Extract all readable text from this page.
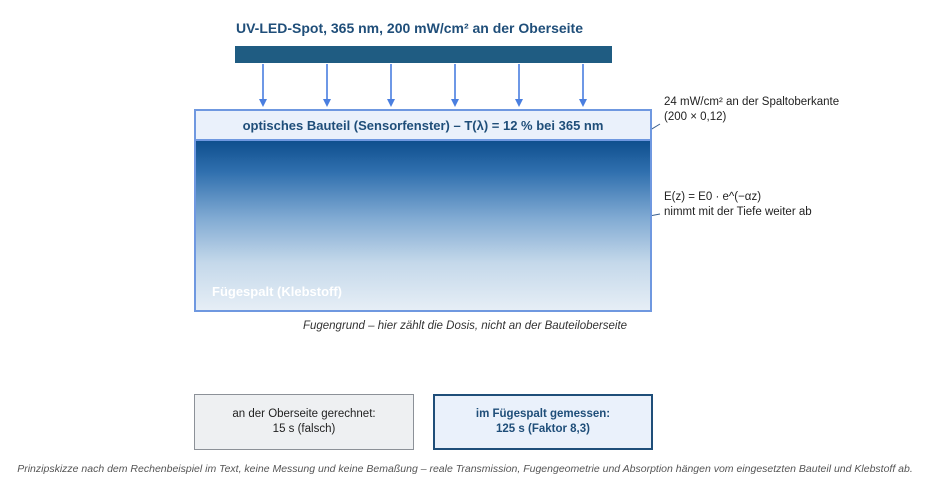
UV-LED-Spot, 365 nm, 200 mW/cm² an der Oberseite
optisches Bauteil (Sensorfenster) – T(λ) = 12 % bei 365 nm
Fügespalt (Klebstoff)
24 mW/cm² an der Spaltoberkante
(200 × 0,12)
E(z) = E0 · e^(−αz)
nimmt mit der Tiefe weiter ab
Fugengrund – hier zählt die Dosis, nicht an der Bauteiloberseite
an der Oberseite gerechnet:
15 s (falsch)
im Fügespalt gemessen:
125 s (Faktor 8,3)
Prinzipskizze nach dem Rechenbeispiel im Text, keine Messung und keine Bemaßung – reale Transmission, Fugengeometrie und Absorption hängen vom eingesetzten Bauteil und Klebstoff ab.
